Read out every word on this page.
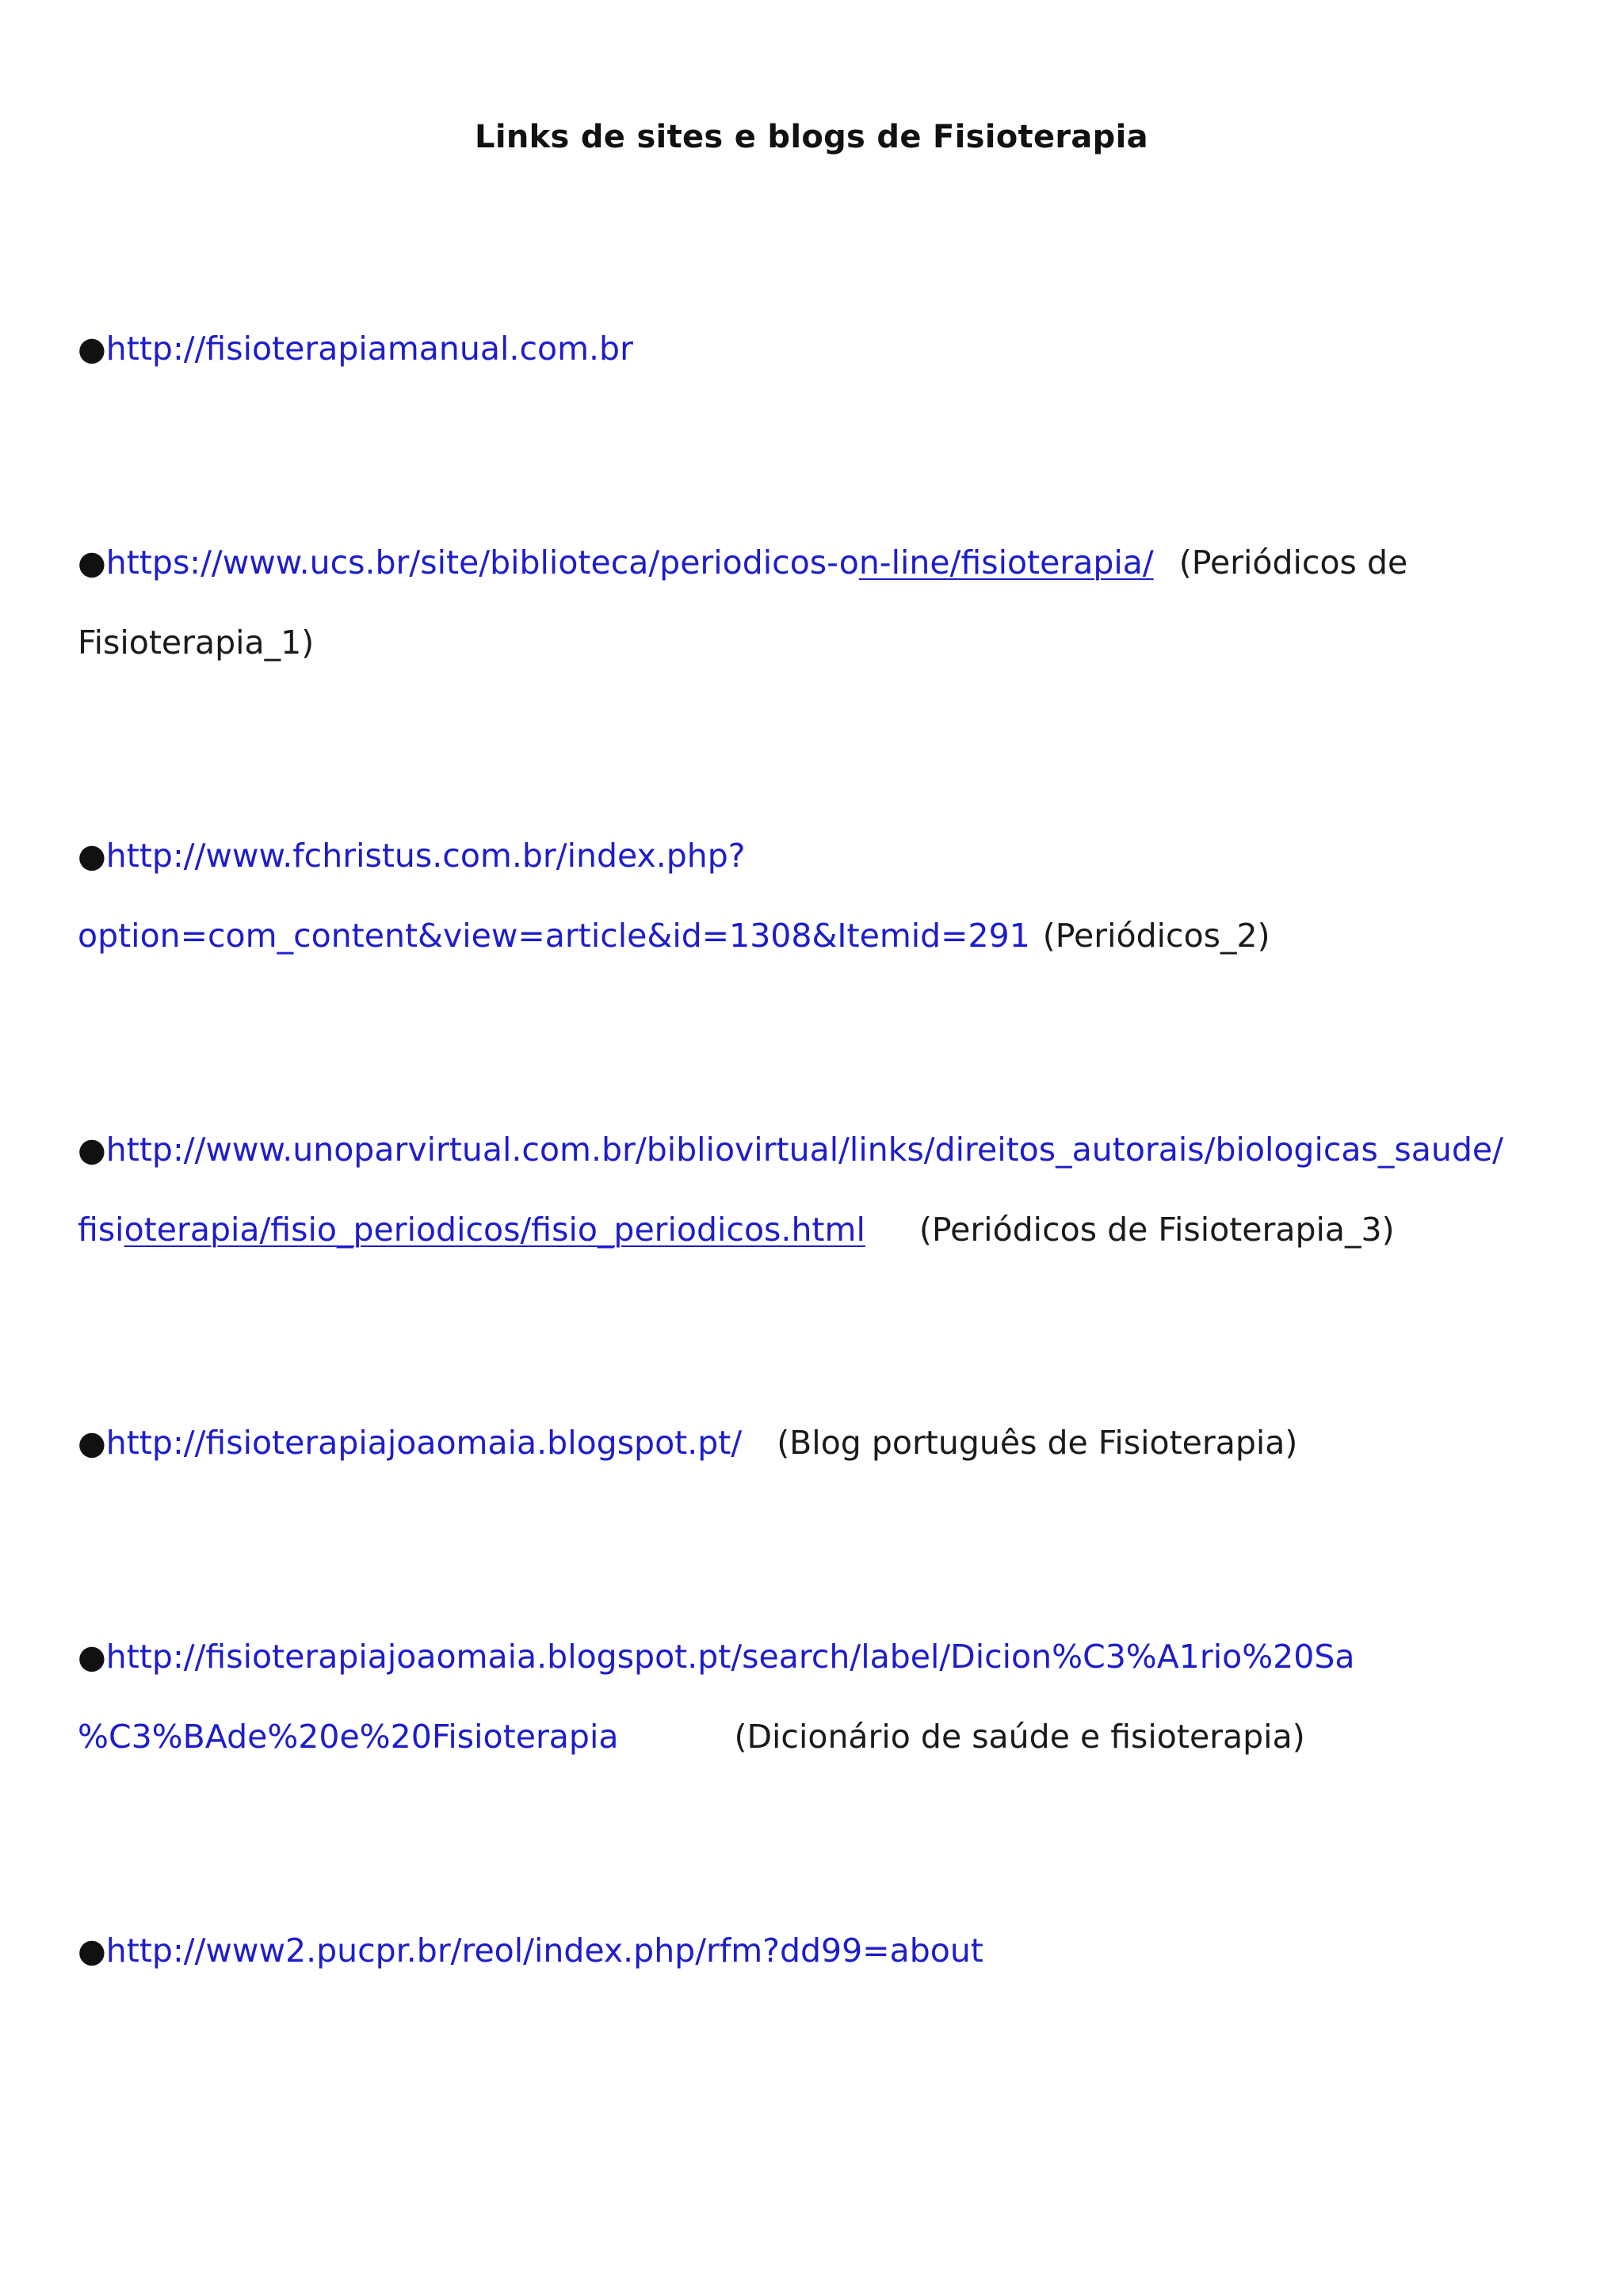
Links de sites e blogs de Fisioterapia
●http://fisioterapiamanual.com.br
●https://www.ucs.br/site/biblioteca/periodicos-on-line/fisioterapia/ (Periódicos de
Fisioterapia_1)
●http://www.fchristus.com.br/index.php?
option=com_content&view=article&id=1308&Itemid=291 (Periódicos_2)
●http://www.unoparvirtual.com.br/bibliovirtual/links/direitos_autorais/biologicas_saude/
fisioterapia/fisio_periodicos/fisio_periodicos.html (Periódicos de Fisioterapia_3)
●http://fisioterapiajoaomaia.blogspot.pt/ (Blog português de Fisioterapia)
●http://fisioterapiajoaomaia.blogspot.pt/search/label/Dicion%C3%A1rio%20Sa
%C3%BAde%20e%20Fisioterapia	(Dicionário de saúde e fisioterapia)
●http://www2.pucpr.br/reol/index.php/rfm?dd99=about
